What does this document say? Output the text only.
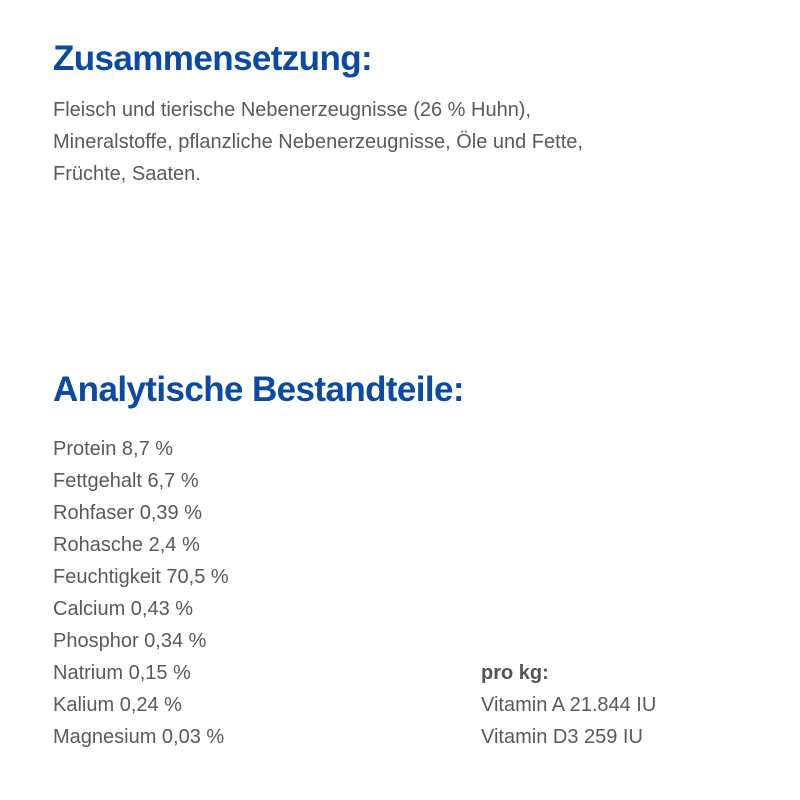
Zusammensetzung:

Fleisch und tierische Nebenerzeugnisse (26 % Huhn),
Mineralstoffe, pflanzliche Nebenerzeugnisse, Öle und Fette,
Früchte, Saaten.

Analytische Bestandteile:
Protein 8,7 %
Fettgehalt 6,7 %
Rohfaser 0,39 %
Rohasche 2,4 %
Feuchtigkeit 70,5 %
Calcium 0,43 %
Phosphor 0,34 %
Natrium 0,15 %
Kalium 0,24 %
Magnesium 0,03 %
pro kg:
Vitamin A 21.844 IU
Vitamin D3 259 IU
